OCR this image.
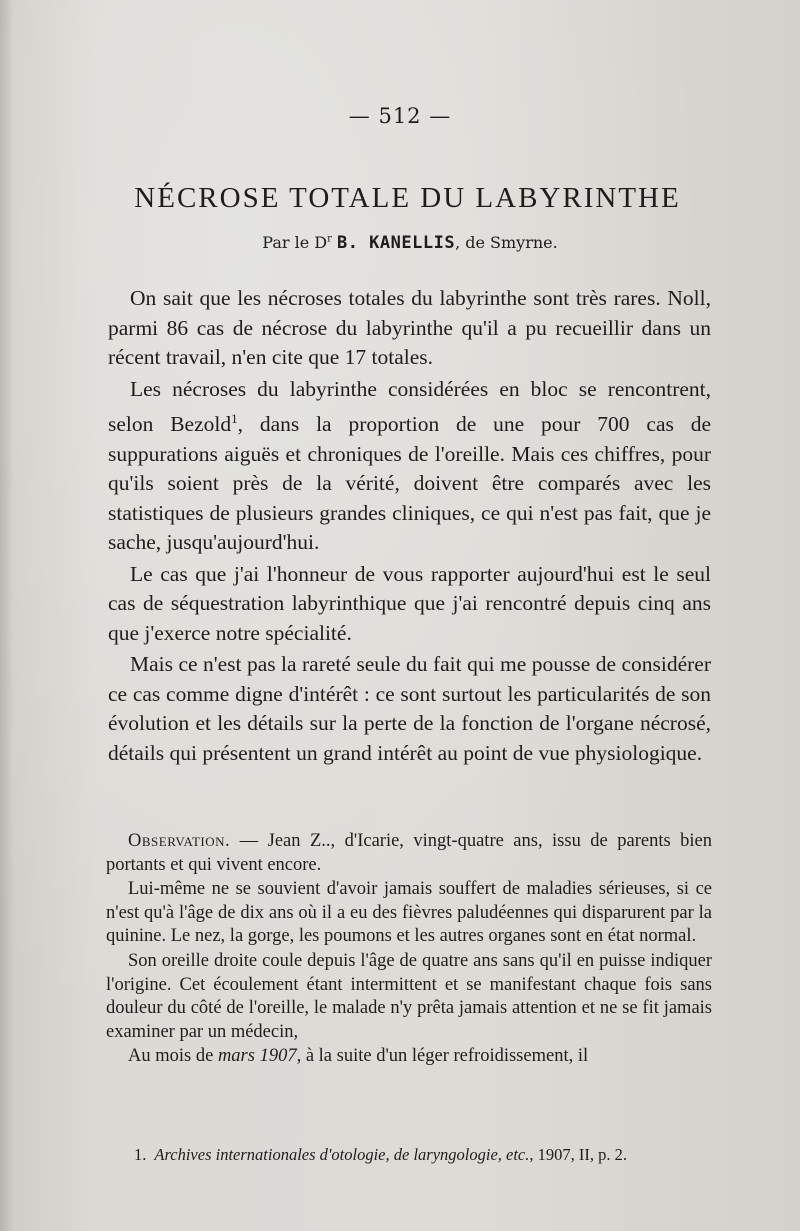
— 512 —
NÉCROSE TOTALE DU LABYRINTHE
Par le $D^r$ B. KANELLIS, de Smyrne.

On sait que les nécroses totales du labyrinthe sont très rares. Noll, parmi 86 cas de nécrose du labyrinthe qu'il a pu recueillir dans un récent travail, n'en cite que 17 totales.

Les nécroses du labyrinthe considérées en bloc se rencontrent, selon Bezold$^1$, dans la proportion de une pour 700 cas de suppurations aiguës et chroniques de l'oreille. Mais ces chiffres, pour qu'ils soient près de la vérité, doivent être comparés avec les statistiques de plusieurs grandes cliniques, ce qui n'est pas fait, que je sache, jusqu'aujourd'hui.

Le cas que j'ai l'honneur de vous rapporter aujourd'hui est le seul cas de séquestration labyrinthique que j'ai rencontré depuis cinq ans que j'exerce notre spécialité.

Mais ce n'est pas la rareté seule du fait qui me pousse de considérer ce cas comme digne d'intérêt : ce sont surtout les particularités de son évolution et les détails sur la perte de la fonction de l'organe nécrosé, détails qui présentent un grand intérêt au point de vue physiologique.

Observation. — Jean Z.., d'Icarie, vingt-quatre ans, issu de parents bien portants et qui vivent encore.

Lui-même ne se souvient d'avoir jamais souffert de maladies sérieuses, si ce n'est qu'à l'âge de dix ans où il a eu des fièvres paludéennes qui disparurent par la quinine. Le nez, la gorge, les poumons et les autres organes sont en état normal.

Son oreille droite coule depuis l'âge de quatre ans sans qu'il en puisse indiquer l'origine. Cet écoulement étant intermittent et se manifestant chaque fois sans douleur du côté de l'oreille, le malade n'y prêta jamais attention et ne se fit jamais examiner par un médecin,

Au mois de mars 1907, à la suite d'un léger refroidissement, il

1. Archives internationales d'otologie, de laryngologie, etc., 1907, II, p. 2.
